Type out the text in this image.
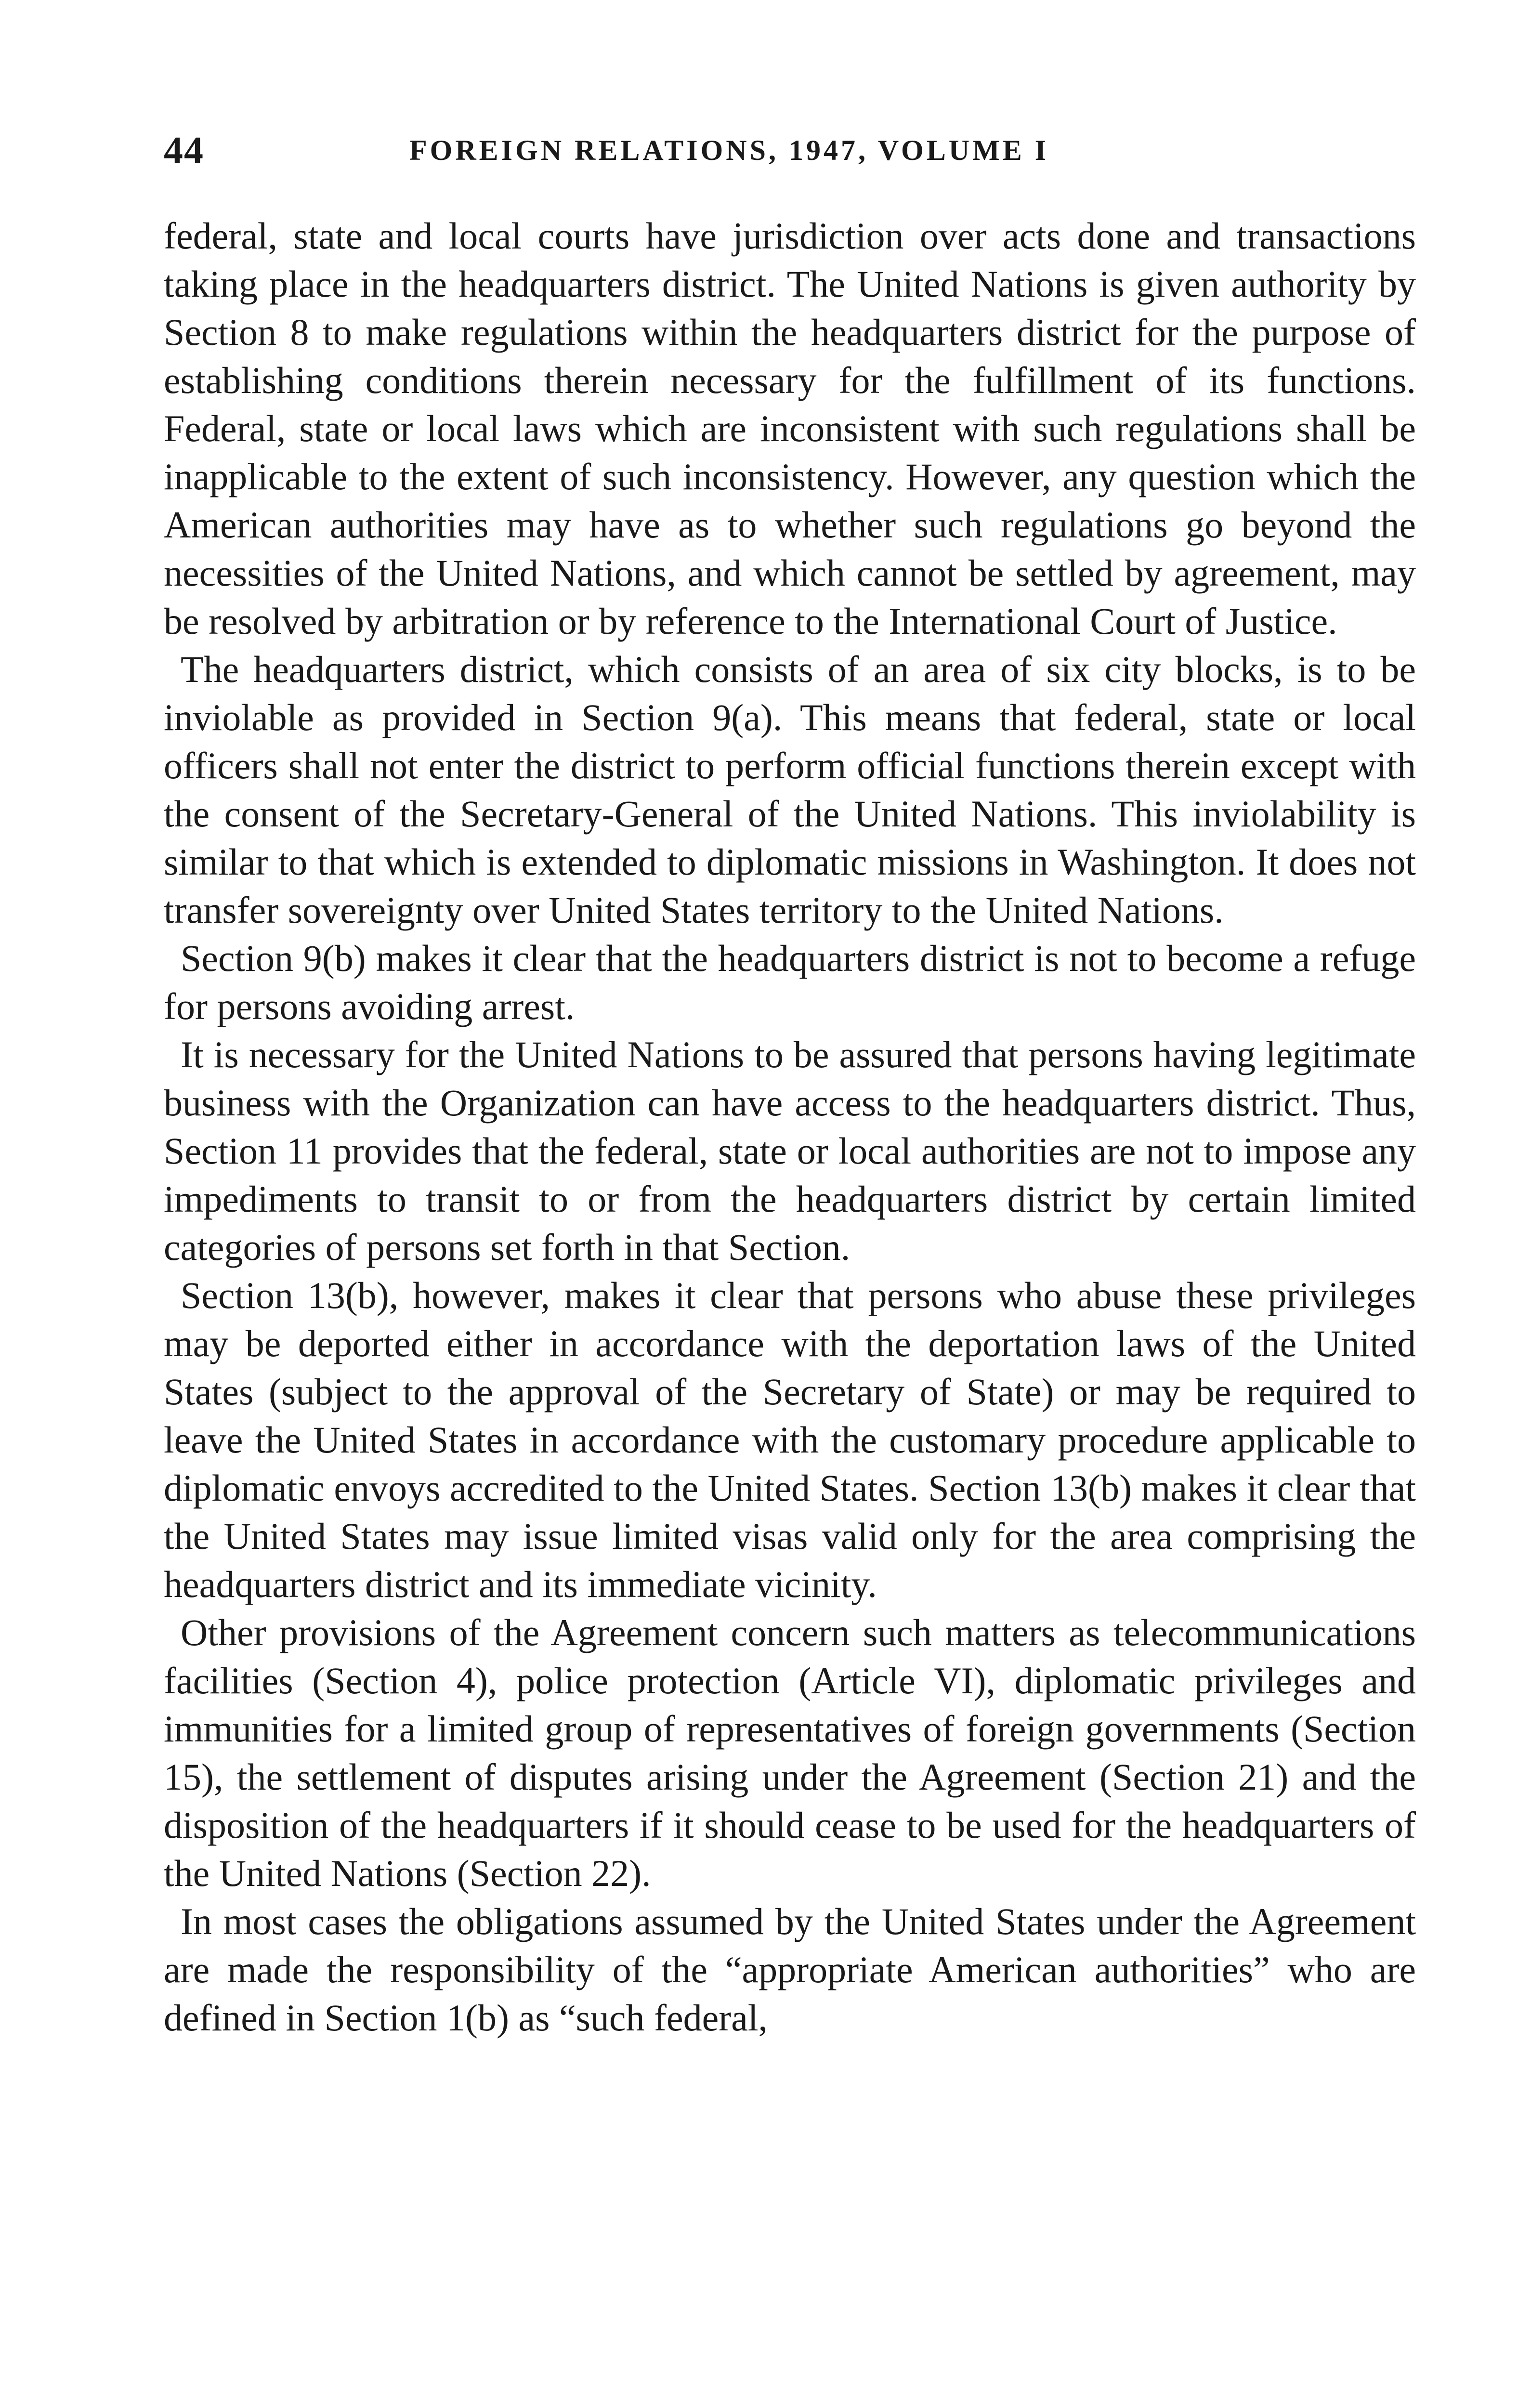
44	FOREIGN RELATIONS, 1947, VOLUME I

federal, state and local courts have jurisdiction over acts done and transactions taking place in the headquarters district. The United Nations is given authority by Section 8 to make regulations within the headquarters district for the purpose of establishing conditions therein necessary for the fulfillment of its functions. Federal, state or local laws which are inconsistent with such regulations shall be inapplicable to the extent of such inconsistency. However, any question which the American authorities may have as to whether such regulations go beyond the necessities of the United Nations, and which cannot be settled by agreement, may be resolved by arbitration or by reference to the International Court of Justice.

The headquarters district, which consists of an area of six city blocks, is to be inviolable as provided in Section 9(a). This means that federal, state or local officers shall not enter the district to perform official functions therein except with the consent of the Secretary-General of the United Nations. This inviolability is similar to that which is extended to diplomatic missions in Washington. It does not transfer sovereignty over United States territory to the United Nations.

Section 9(b) makes it clear that the headquarters district is not to become a refuge for persons avoiding arrest.

It is necessary for the United Nations to be assured that persons having legitimate business with the Organization can have access to the headquarters district. Thus, Section 11 provides that the federal, state or local authorities are not to impose any impediments to transit to or from the headquarters district by certain limited categories of persons set forth in that Section.

Section 13(b), however, makes it clear that persons who abuse these privileges may be deported either in accordance with the deportation laws of the United States (subject to the approval of the Secretary of State) or may be required to leave the United States in accordance with the customary procedure applicable to diplomatic envoys accredited to the United States. Section 13(b) makes it clear that the United States may issue limited visas valid only for the area comprising the headquarters district and its immediate vicinity.

Other provisions of the Agreement concern such matters as telecommunications facilities (Section 4), police protection (Article VI), diplomatic privileges and immunities for a limited group of representatives of foreign governments (Section 15), the settlement of disputes arising under the Agreement (Section 21) and the disposition of the headquarters if it should cease to be used for the headquarters of the United Nations (Section 22).

In most cases the obligations assumed by the United States under the Agreement are made the responsibility of the “appropriate American authorities” who are defined in Section 1(b) as “such federal,
